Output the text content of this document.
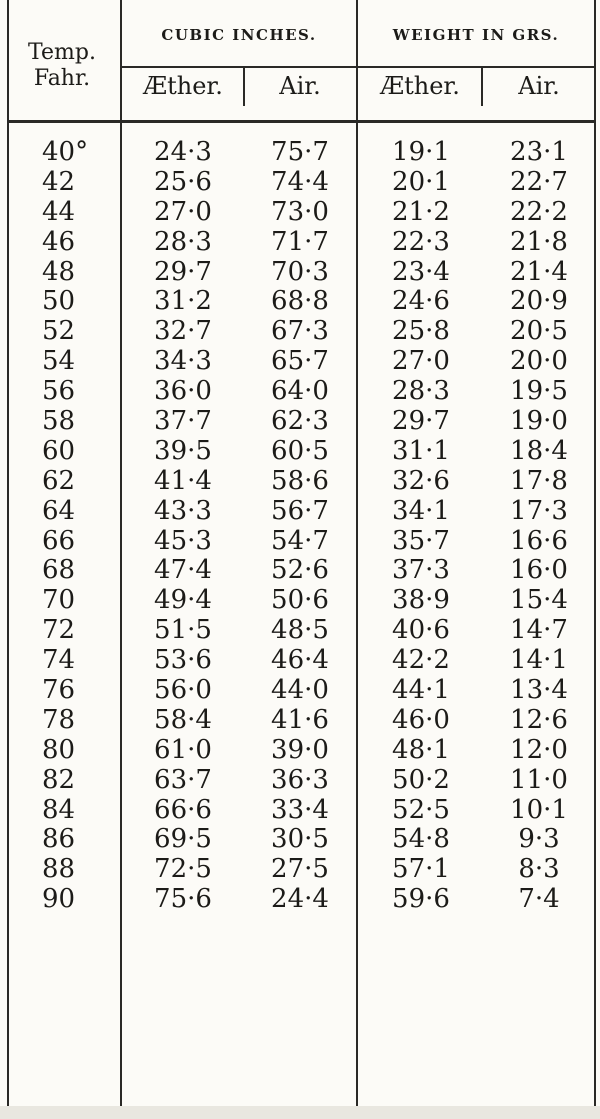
Temp.
Fahr.
CUBIC INCHES.	WEIGHT IN GRS.
Æther.	Air.	Æther.	Air.
40°	24·3	75·7	19·1	23·1
42	25·6	74·4	20·1	22·7
44	27·0	73·0	21·2	22·2
46	28·3	71·7	22·3	21·8
48	29·7	70·3	23·4	21·4
50	31·2	68·8	24·6	20·9
52	32·7	67·3	25·8	20·5
54	34·3	65·7	27·0	20·0
56	36·0	64·0	28·3	19·5
58	37·7	62·3	29·7	19·0
60	39·5	60·5	31·1	18·4
62	41·4	58·6	32·6	17·8
64	43·3	56·7	34·1	17·3
66	45·3	54·7	35·7	16·6
68	47·4	52·6	37·3	16·0
70	49·4	50·6	38·9	15·4
72	51·5	48·5	40·6	14·7
74	53·6	46·4	42·2	14·1
76	56·0	44·0	44·1	13·4
78	58·4	41·6	46·0	12·6
80	61·0	39·0	48·1	12·0
82	63·7	36·3	50·2	11·0
84	66·6	33·4	52·5	10·1
86	69·5	30·5	54·8	9·3
88	72·5	27·5	57·1	8·3
90	75·6	24·4	59·6	7·4
